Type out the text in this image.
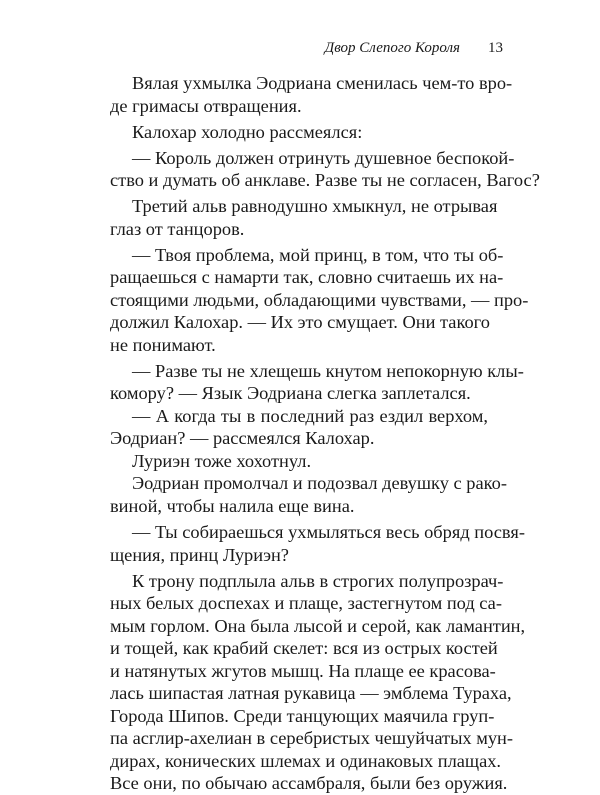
Двор Слепого Короля 13
Вялая ухмылка Эодриана сменилась чем-то вро-
де гримасы отвращения.
Калохар холодно рассмеялся:
— Король должен отринуть душевное беспокой-
ство и думать об анклаве. Разве ты не согласен, Вагос?
Третий альв равнодушно хмыкнул, не отрывая
глаз от танцоров.
— Твоя проблема, мой принц, в том, что ты об-
ращаешься с намарти так, словно считаешь их на-
стоящими людьми, обладающими чувствами, — про-
должил Калохар. — Их это смущает. Они такого
не понимают.
— Разве ты не хлещешь кнутом непокорную клы-
комору? — Язык Эодриана слегка заплетался.
— А когда ты в последний раз ездил верхом,
Эодриан? — рассмеялся Калохар.
Луриэн тоже хохотнул.
Эодриан промолчал и подозвал девушку с рако-
виной, чтобы налила еще вина.
— Ты собираешься ухмыляться весь обряд посвя-
щения, принц Луриэн?
К трону подплыла альв в строгих полупрозрач-
ных белых доспехах и плаще, застегнутом под са-
мым горлом. Она была лысой и серой, как ламантин,
и тощей, как крабий скелет: вся из острых костей
и натянутых жгутов мышц. На плаще ее красова-
лась шипастая латная рукавица — эмблема Тураха,
Города Шипов. Среди танцующих маячила груп-
па асглир-ахелиан в серебристых чешуйчатых мун-
дирах, конических шлемах и одинаковых плащах.
Все они, по обычаю ассамбраля, были без оружия.
